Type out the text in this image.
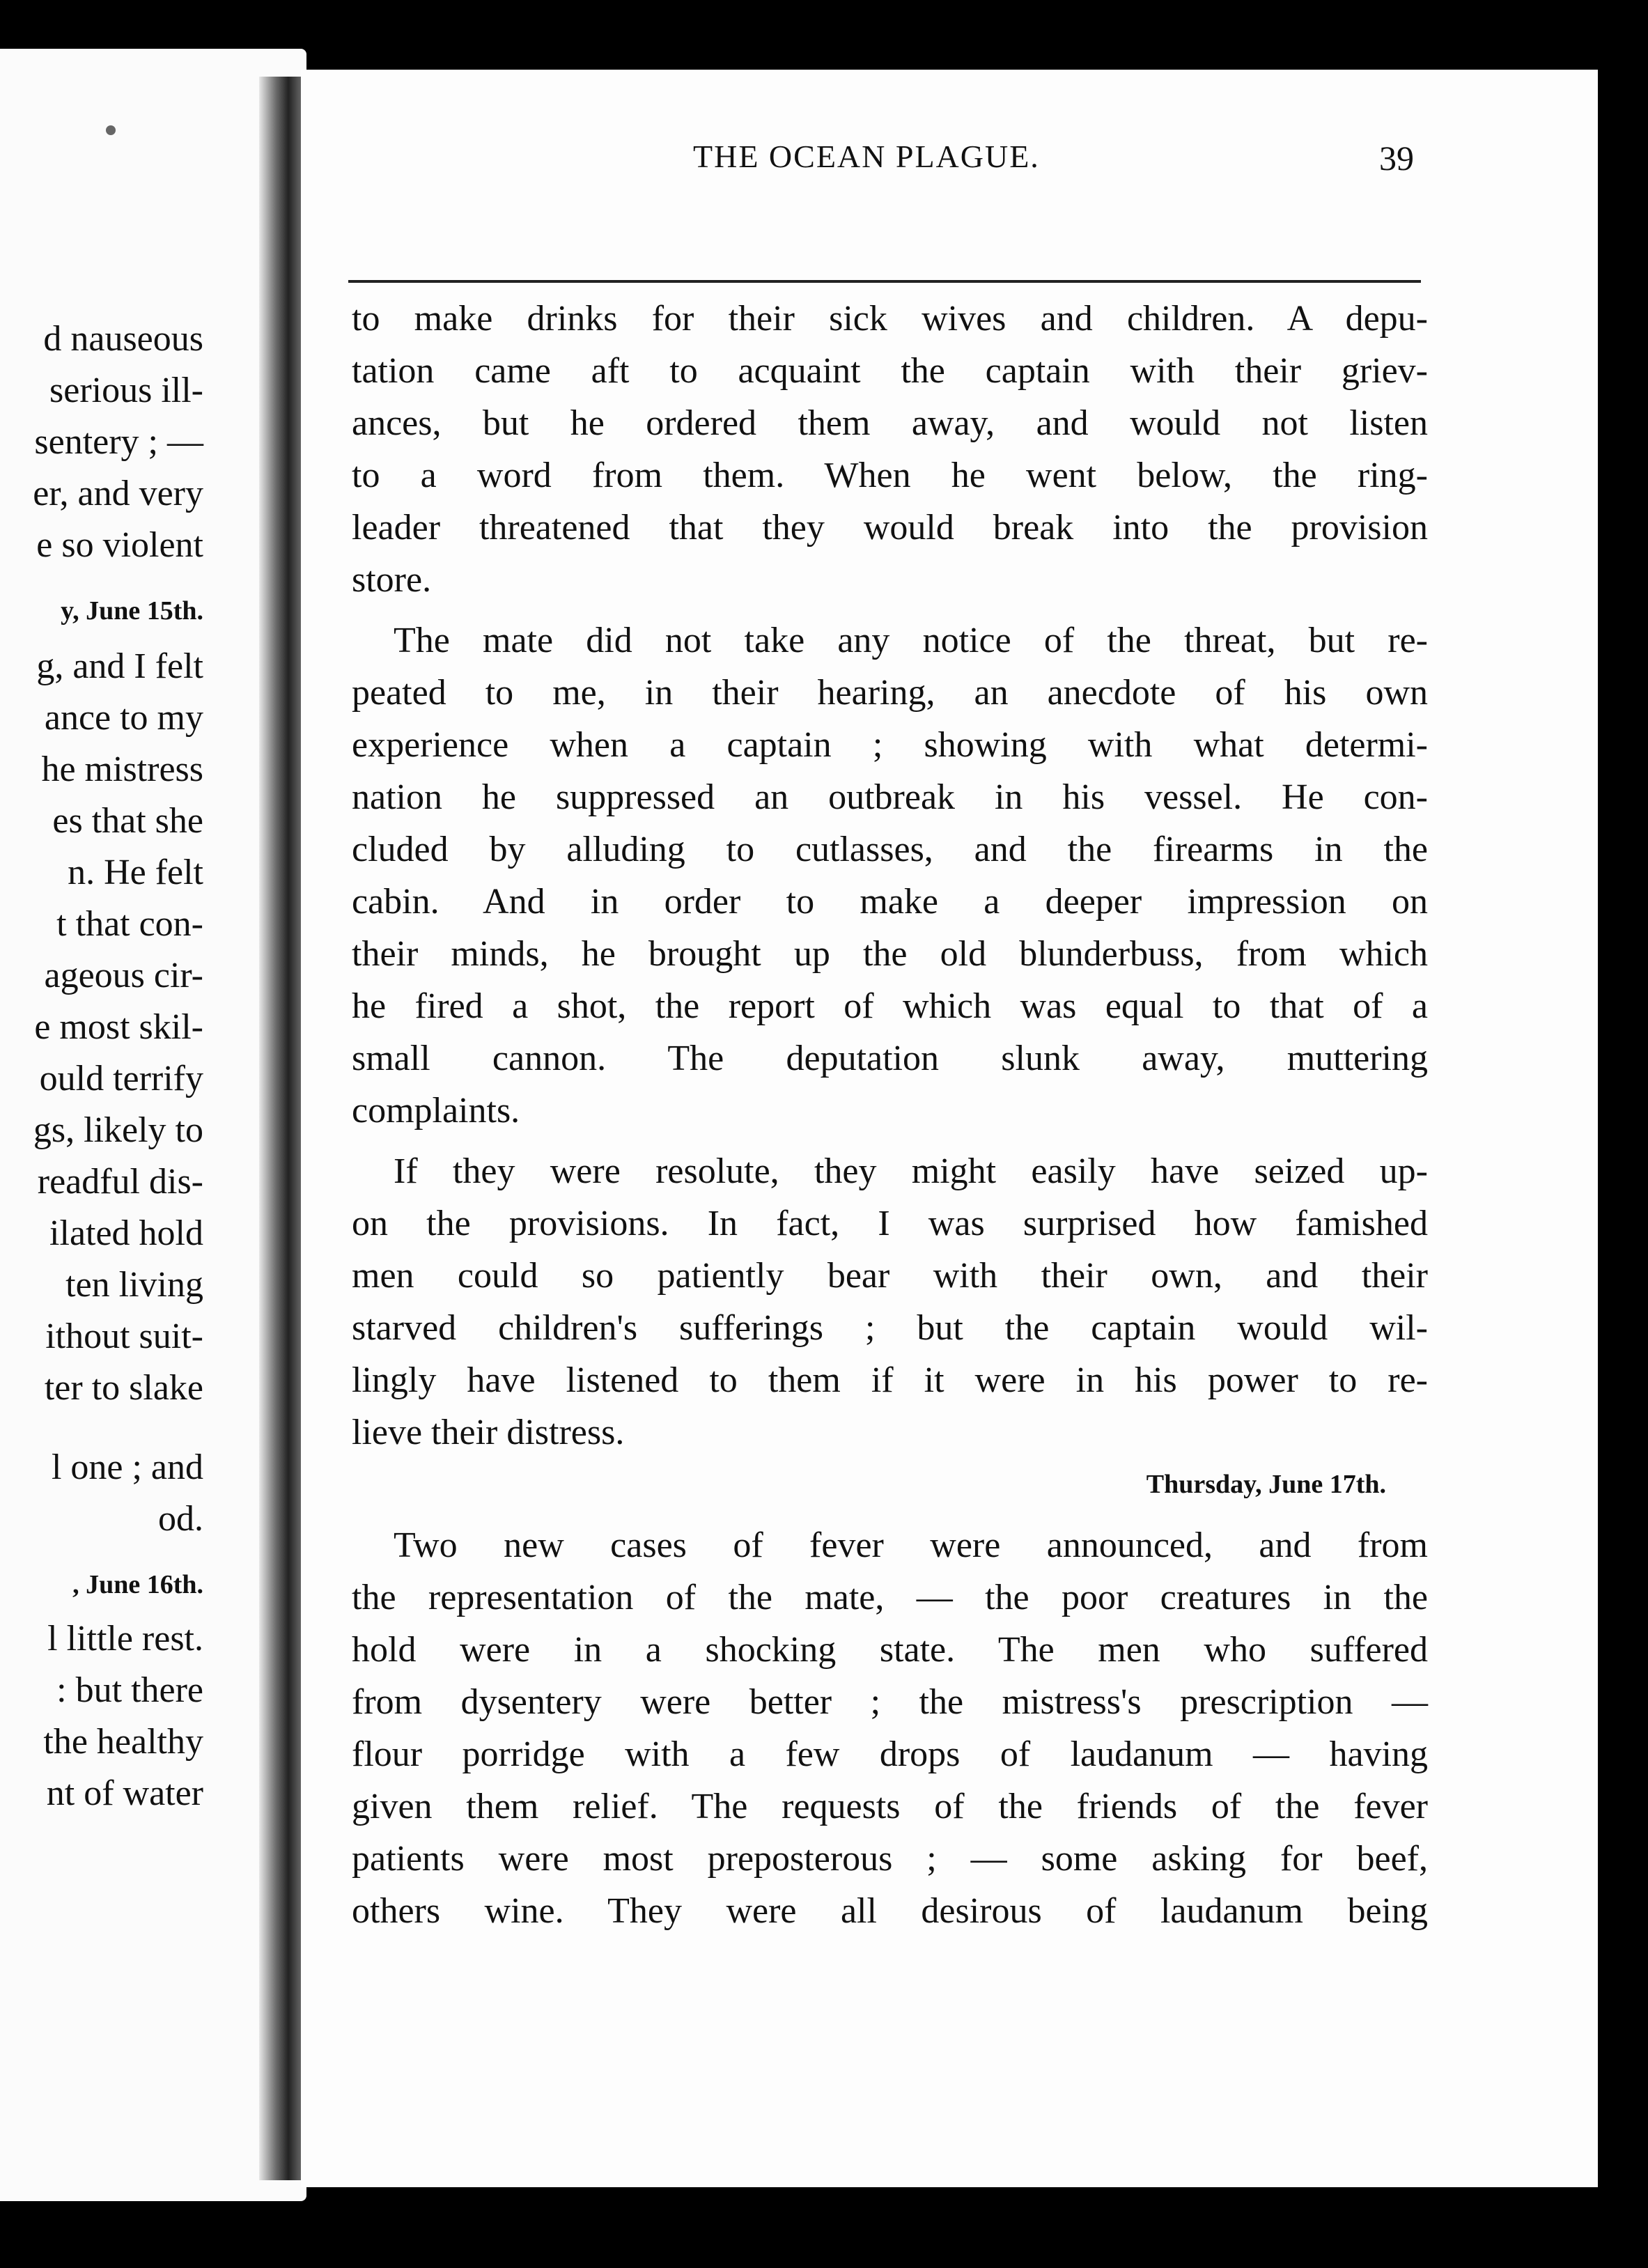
d nauseous
serious ill-
sentery ; —
er, and very
e so violent
y, June 15th.
g, and I felt
ance to my
he mistress
es that she
n. He felt
t that con-
ageous cir-
e most skil-
ould terrify
gs, likely to
readful dis-
ilated hold
ten living
ithout suit-
ter to slake
l one ; and
od.
, June 16th.
l little rest.
: but there
the healthy
nt of water
THE OCEAN PLAGUE.	39
to make drinks for their sick wives and children. A depu-
tation came aft to acquaint the captain with their griev-
ances, but he ordered them away, and would not listen
to a word from them. When he went below, the ring-
leader threatened that they would break into the provision
store.
The mate did not take any notice of the threat, but re-
peated to me, in their hearing, an anecdote of his own
experience when a captain ; showing with what determi-
nation he suppressed an outbreak in his vessel. He con-
cluded by alluding to cutlasses, and the firearms in the
cabin. And in order to make a deeper impression on
their minds, he brought up the old blunderbuss, from which
he fired a shot, the report of which was equal to that of a
small cannon. The deputation slunk away, muttering
complaints.
If they were resolute, they might easily have seized up-
on the provisions. In fact, I was surprised how famished
men could so patiently bear with their own, and their
starved children's sufferings ; but the captain would wil-
lingly have listened to them if it were in his power to re-
lieve their distress.
Thursday, June 17th.
Two new cases of fever were announced, and from
the representation of the mate, — the poor creatures in the
hold were in a shocking state. The men who suffered
from dysentery were better ; the mistress's prescription —
flour porridge with a few drops of laudanum — having
given them relief. The requests of the friends of the fever
patients were most preposterous ; — some asking for beef,
others wine. They were all desirous of laudanum being
